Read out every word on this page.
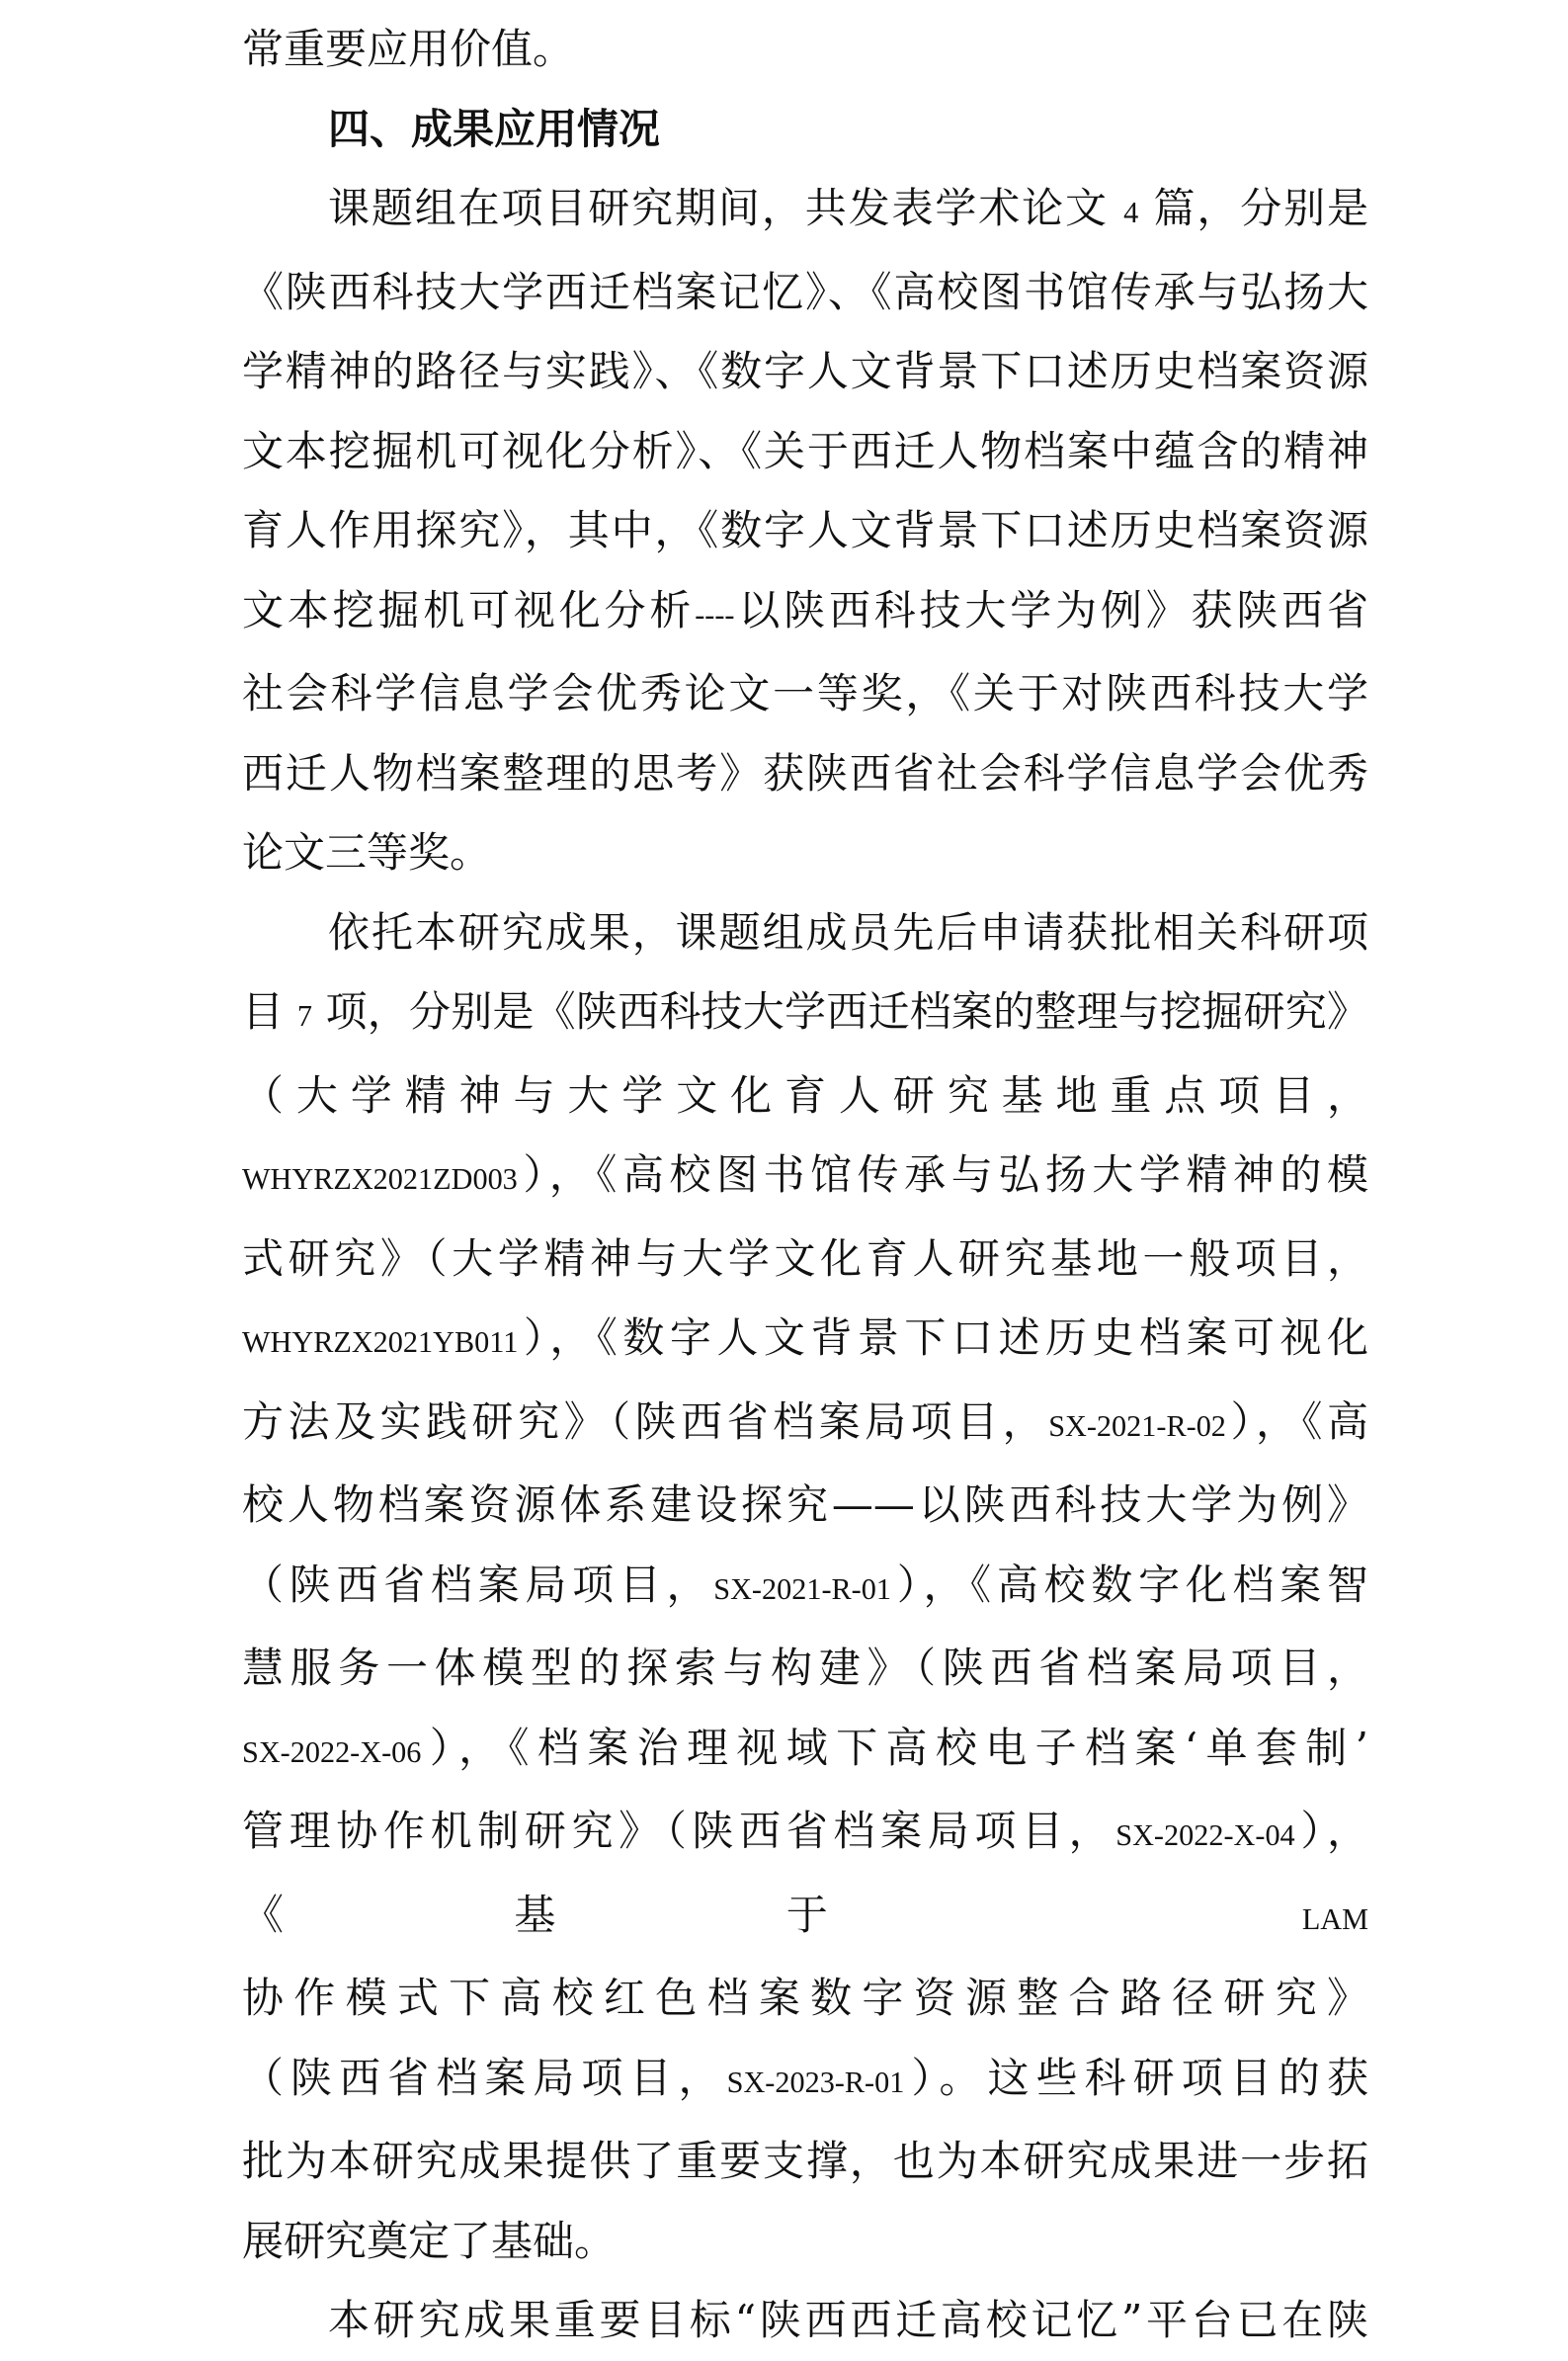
常重要应用价值。
四、成果应用情况
课题组在项目研究期间，共发表学术论文 4 篇，分别是
《陕西科技大学西迁档案记忆》、《高校图书馆传承与弘扬大
学精神的路径与实践》、《数字人文背景下口述历史档案资源
文本挖掘机可视化分析》、《关于西迁人物档案中蕴含的精神
育人作用探究》，其中，《数字人文背景下口述历史档案资源
文本挖掘机可视化分析----以陕西科技大学为例》获陕西省
社会科学信息学会优秀论文一等奖，《关于对陕西科技大学
西迁人物档案整理的思考》获陕西省社会科学信息学会优秀
论文三等奖。
依托本研究成果，课题组成员先后申请获批相关科研项
目 7 项，分别是《陕西科技大学西迁档案的整理与挖掘研究》
（大学精神与大学文化育人研究基地重点项目，
WHYRZX2021ZD003），《高校图书馆传承与弘扬大学精神的模
式研究》（大学精神与大学文化育人研究基地一般项目，
WHYRZX2021YB011），《数字人文背景下口述历史档案可视化
方法及实践研究》（陕西省档案局项目，SX-2021-R-02），《高
校人物档案资源体系建设探究——以陕西科技大学为例》
（陕西省档案局项目，SX-2021-R-01），《高校数字化档案智
慧服务一体模型的探索与构建》（陕西省档案局项目，
SX-2022-X-06），《档案治理视域下高校电子档案‘单套制’
管理协作机制研究》（陕西省档案局项目，SX-2022-X-04），
《基于 LAM 协作模式下高校红色档案数字资源整合路径研究》
（陕西省档案局项目，SX-2023-R-01）。这些科研项目的获
批为本研究成果提供了重要支撑，也为本研究成果进一步拓
展研究奠定了基础。
本研究成果重要目标“陕西西迁高校记忆”平台已在陕
